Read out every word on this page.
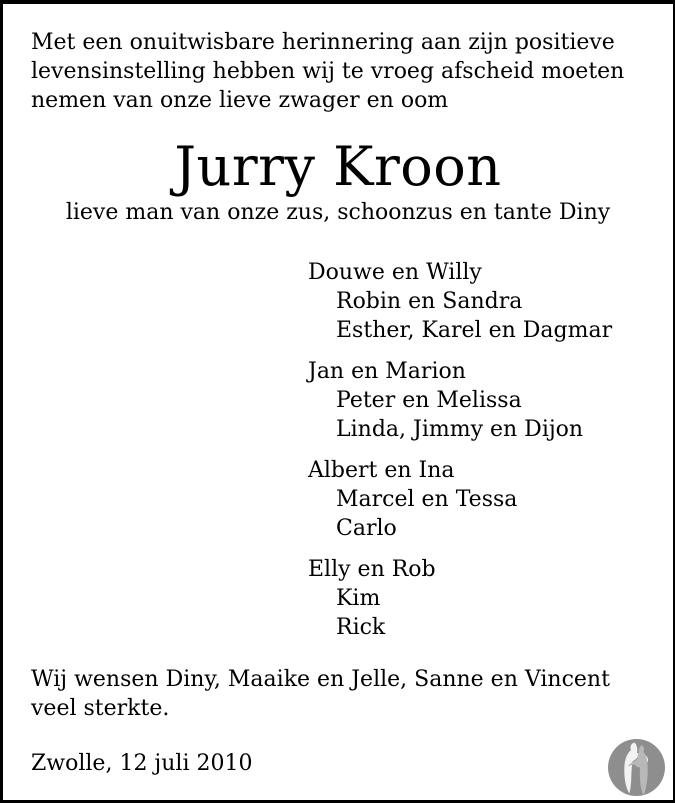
Met een onuitwisbare herinnering aan zijn positieve
levensinstelling hebben wij te vroeg afscheid moeten
nemen van onze lieve zwager en oom
Jurry Kroon
lieve man van onze zus, schoonzus en tante Diny
Douwe en Willy
Robin en Sandra
Esther, Karel en Dagmar
Jan en Marion
Peter en Melissa
Linda, Jimmy en Dijon
Albert en Ina
Marcel en Tessa
Carlo
Elly en Rob
Kim
Rick
Wij wensen Diny, Maaike en Jelle, Sanne en Vincent
veel sterkte.
Zwolle, 12 juli 2010
